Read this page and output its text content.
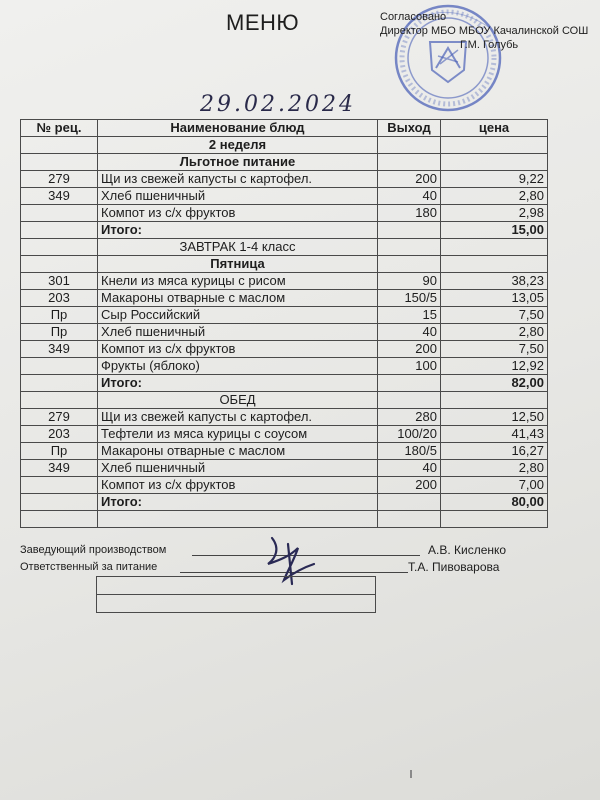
МЕНЮ	Согласовано
Директор МБО МБОУ Качалинской СОШ
Г.М. Голубь
29.02.2024
№ рец.	Наименование блюд	Выход	цена
	2 неделя		
	Льготное питание		
279	Щи из свежей капусты с картофел.	200	9,22
349	Хлеб пшеничный	40	2,80
	Компот из с/х фруктов	180	2,98
	Итого:		15,00
	ЗАВТРАК 1-4 класс		
	Пятница		
301	Кнели из мяса курицы с рисом	90	38,23
203	Макароны отварные с маслом	150/5	13,05
Пр	Сыр Российский	15	7,50
Пр	Хлеб пшеничный	40	2,80
349	Компот из с/х фруктов	200	7,50
	Фрукты (яблоко)	100	12,92
	Итого:		82,00
	ОБЕД		
279	Щи из свежей капусты с картофел.	280	12,50
203	Тефтели из мяса курицы с соусом	100/20	41,43
Пр	Макароны отварные с маслом	180/5	16,27
349	Хлеб пшеничный	40	2,80
	Компот из с/х фруктов	200	7,00
	Итого:		80,00

Заведующий производством	А.В. Кисленко
Ответственный за питание	Т.А. Пивоварова
